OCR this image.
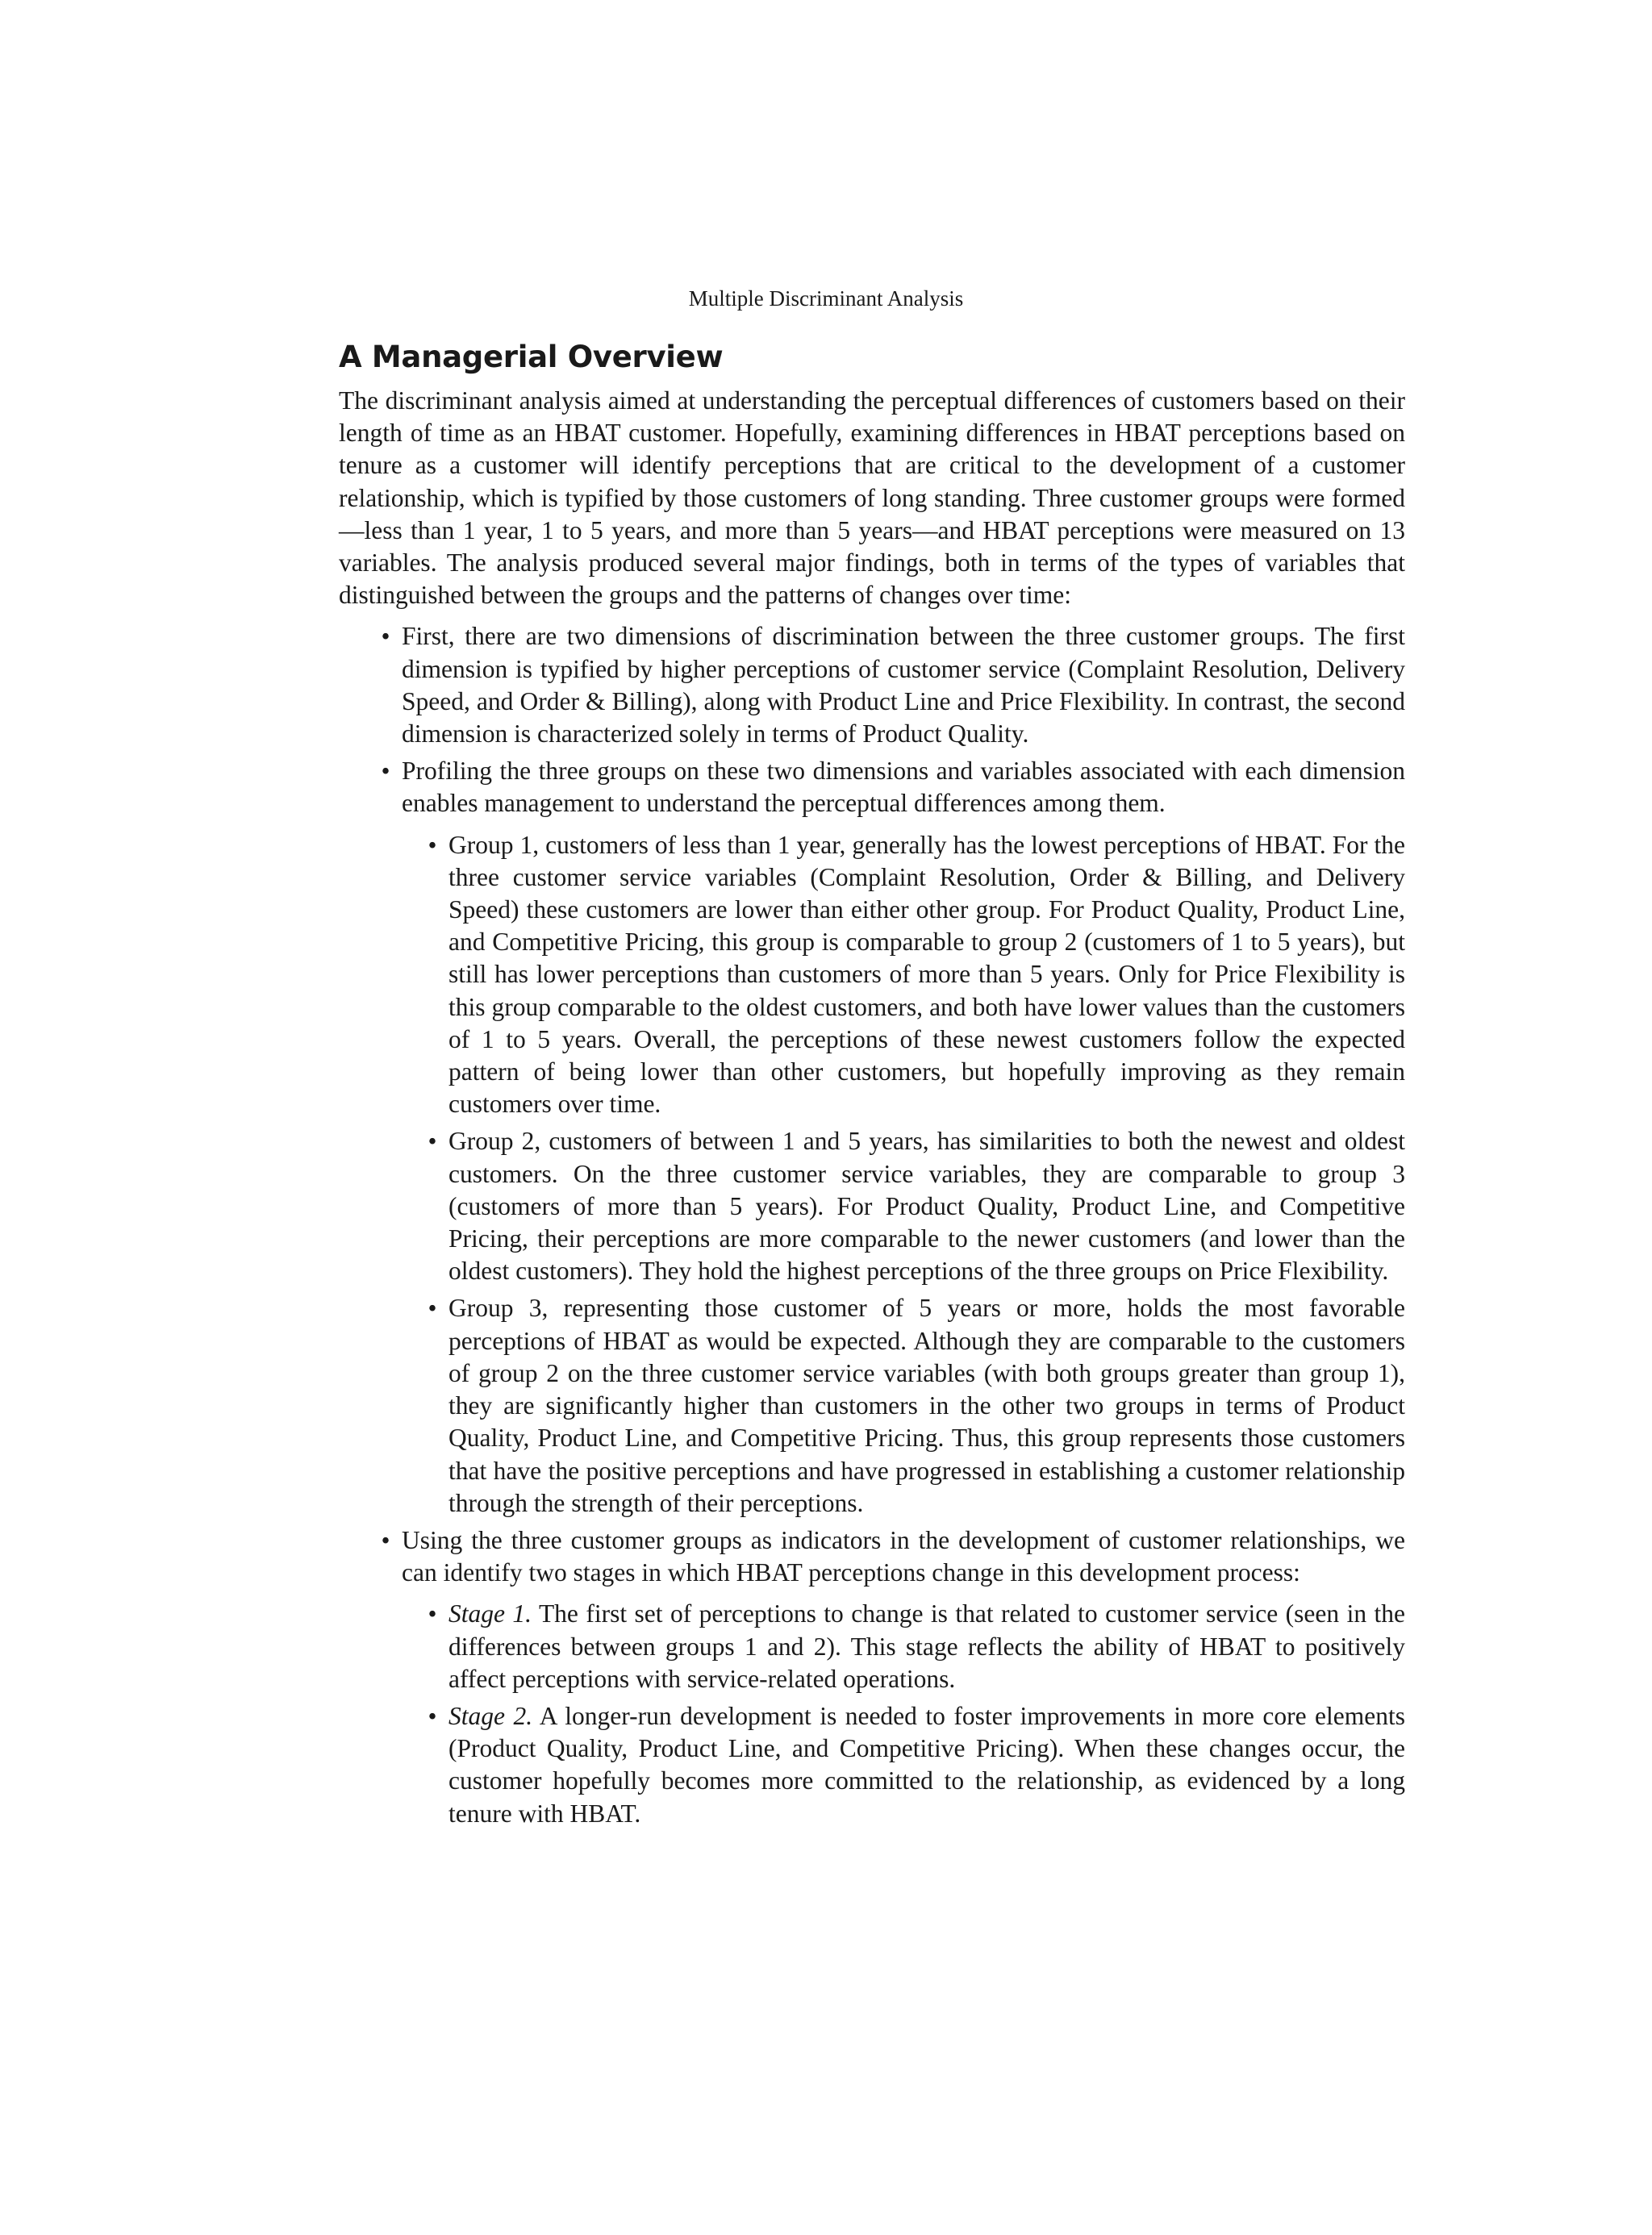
Multiple Discriminant Analysis
A Managerial Overview

The discriminant analysis aimed at understanding the perceptual differences of customers based on their length of time as an HBAT customer. Hopefully, examining differences in HBAT perceptions based on tenure as a customer will identify perceptions that are critical to the development of a customer relationship, which is typified by those customers of long standing. Three customer groups were formed—less than 1 year, 1 to 5 years, and more than 5 years—and HBAT perceptions were measured on 13 variables. The analysis produced several major findings, both in terms of the types of variables that distinguished between the groups and the patterns of changes over time:

• First, there are two dimensions of discrimination between the three customer groups. The first dimension is typified by higher perceptions of customer service (Complaint Resolution, Delivery Speed, and Order & Billing), along with Product Line and Price Flexibility. In contrast, the second dimension is characterized solely in terms of Product Quality.
• Profiling the three groups on these two dimensions and variables associated with each dimension enables management to understand the perceptual differences among them.
• Group 1, customers of less than 1 year, generally has the lowest perceptions of HBAT. For the three customer service variables (Complaint Resolution, Order & Billing, and Delivery Speed) these customers are lower than either other group. For Product Quality, Product Line, and Competitive Pricing, this group is comparable to group 2 (customers of 1 to 5 years), but still has lower perceptions than customers of more than 5 years. Only for Price Flexibility is this group comparable to the oldest customers, and both have lower values than the customers of 1 to 5 years. Overall, the perceptions of these newest customers follow the expected pattern of being lower than other customers, but hopefully improving as they remain customers over time.
• Group 2, customers of between 1 and 5 years, has similarities to both the newest and oldest customers. On the three customer service variables, they are comparable to group 3 (customers of more than 5 years). For Product Quality, Product Line, and Competitive Pricing, their perceptions are more comparable to the newer customers (and lower than the oldest customers). They hold the highest perceptions of the three groups on Price Flexibility.
• Group 3, representing those customer of 5 years or more, holds the most favorable perceptions of HBAT as would be expected. Although they are comparable to the customers of group 2 on the three customer service variables (with both groups greater than group 1), they are significantly higher than customers in the other two groups in terms of Product Quality, Product Line, and Competitive Pricing. Thus, this group represents those customers that have the positive perceptions and have progressed in establishing a customer relationship through the strength of their perceptions.
• Using the three customer groups as indicators in the development of customer relationships, we can identify two stages in which HBAT perceptions change in this development process:
• Stage 1. The first set of perceptions to change is that related to customer service (seen in the differences between groups 1 and 2). This stage reflects the ability of HBAT to positively affect perceptions with service-related operations.
• Stage 2. A longer-run development is needed to foster improvements in more core elements (Product Quality, Product Line, and Competitive Pricing). When these changes occur, the customer hopefully becomes more committed to the relationship, as evidenced by a long tenure with HBAT.
